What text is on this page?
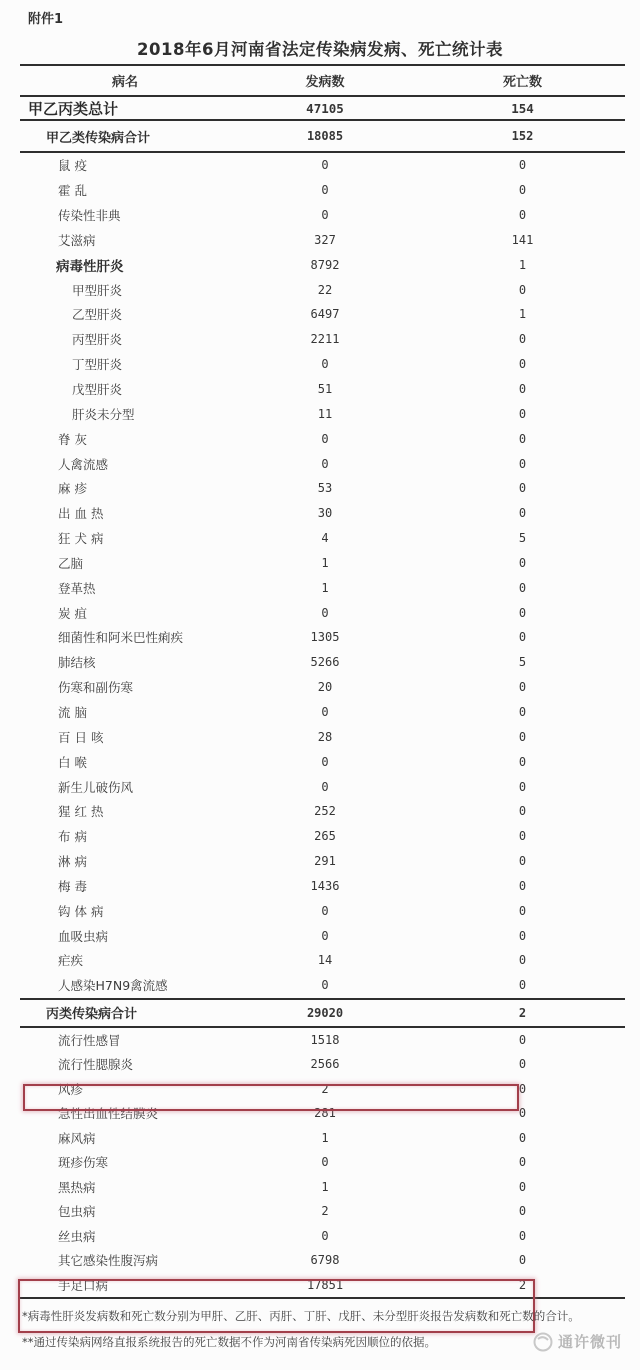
附件1
2018年6月河南省法定传染病发病、死亡统计表
病名	发病数	死亡数
甲乙丙类总计	47105	154
甲乙类传染病合计	18085	152
鼠 疫	0	0
霍 乱	0	0
传染性非典	0	0
艾滋病	327	141
病毒性肝炎	8792	1
甲型肝炎	22	0
乙型肝炎	6497	1
丙型肝炎	2211	0
丁型肝炎	0	0
戊型肝炎	51	0
肝炎未分型	11	0
脊 灰	0	0
人禽流感	0	0
麻 疹	53	0
出 血 热	30	0
狂 犬 病	4	5
乙脑	1	0
登革热	1	0
炭 疽	0	0
细菌性和阿米巴性痢疾	1305	0
肺结核	5266	5
伤寒和副伤寒	20	0
流 脑	0	0
百 日 咳	28	0
白 喉	0	0
新生儿破伤风	0	0
猩 红 热	252	0
布 病	265	0
淋 病	291	0
梅 毒	1436	0
钩 体 病	0	0
血吸虫病	0	0
疟疾	14	0
人感染H7N9禽流感	0	0
丙类传染病合计	29020	2
流行性感冒	1518	0
流行性腮腺炎	2566	0
风疹	2	0
急性出血性结膜炎	281	0
麻风病	1	0
斑疹伤寒	0	0
黑热病	1	0
包虫病	2	0
丝虫病	0	0
其它感染性腹泻病	6798	0
手足口病	17851	2
*病毒性肝炎发病数和死亡数分别为甲肝、乙肝、丙肝、丁肝、戊肝、未分型肝炎报告发病数和死亡数的合计。
**通过传染病网络直报系统报告的死亡数据不作为河南省传染病死因顺位的依据。	通许微刊
